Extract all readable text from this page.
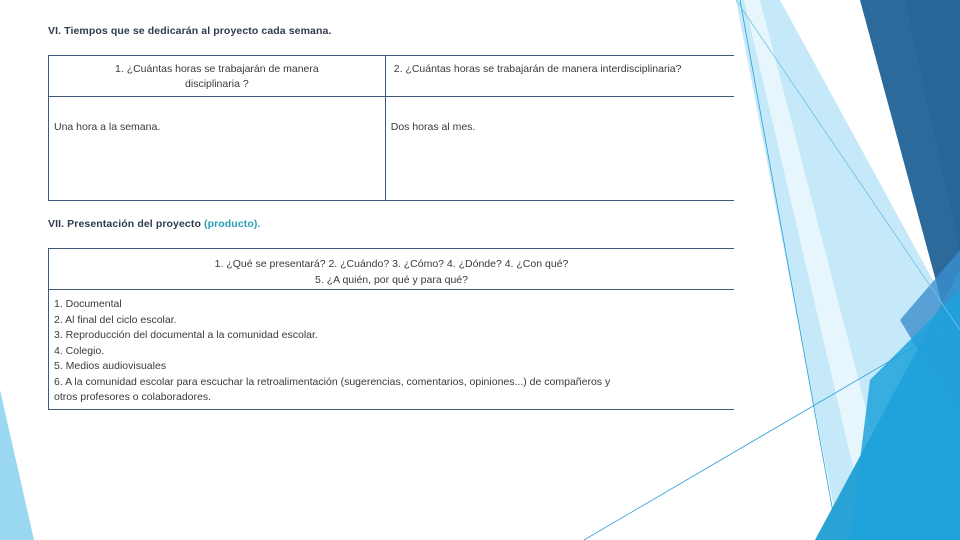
VI. Tiempos que se dedicarán al proyecto cada semana.
1. ¿Cuántas horas se trabajarán de manera
disciplinaria ?	2. ¿Cuántas horas se trabajarán de manera interdisciplinaria?

Una hora a la semana.	Dos horas al mes.
VII. Presentación del proyecto (producto).
1. ¿Qué se presentará? 2. ¿Cuándo? 3. ¿Cómo? 4. ¿Dónde? 4. ¿Con qué?
5. ¿A quién, por qué y para qué?

1. Documental
2. Al final del ciclo escolar.
3. Reproducción del documental a la comunidad escolar.
4. Colegio.
5. Medios audiovisuales
6. A la comunidad escolar para escuchar la retroalimentación (sugerencias, comentarios, opiniones...) de compañeros y
otros profesores o colaboradores.
